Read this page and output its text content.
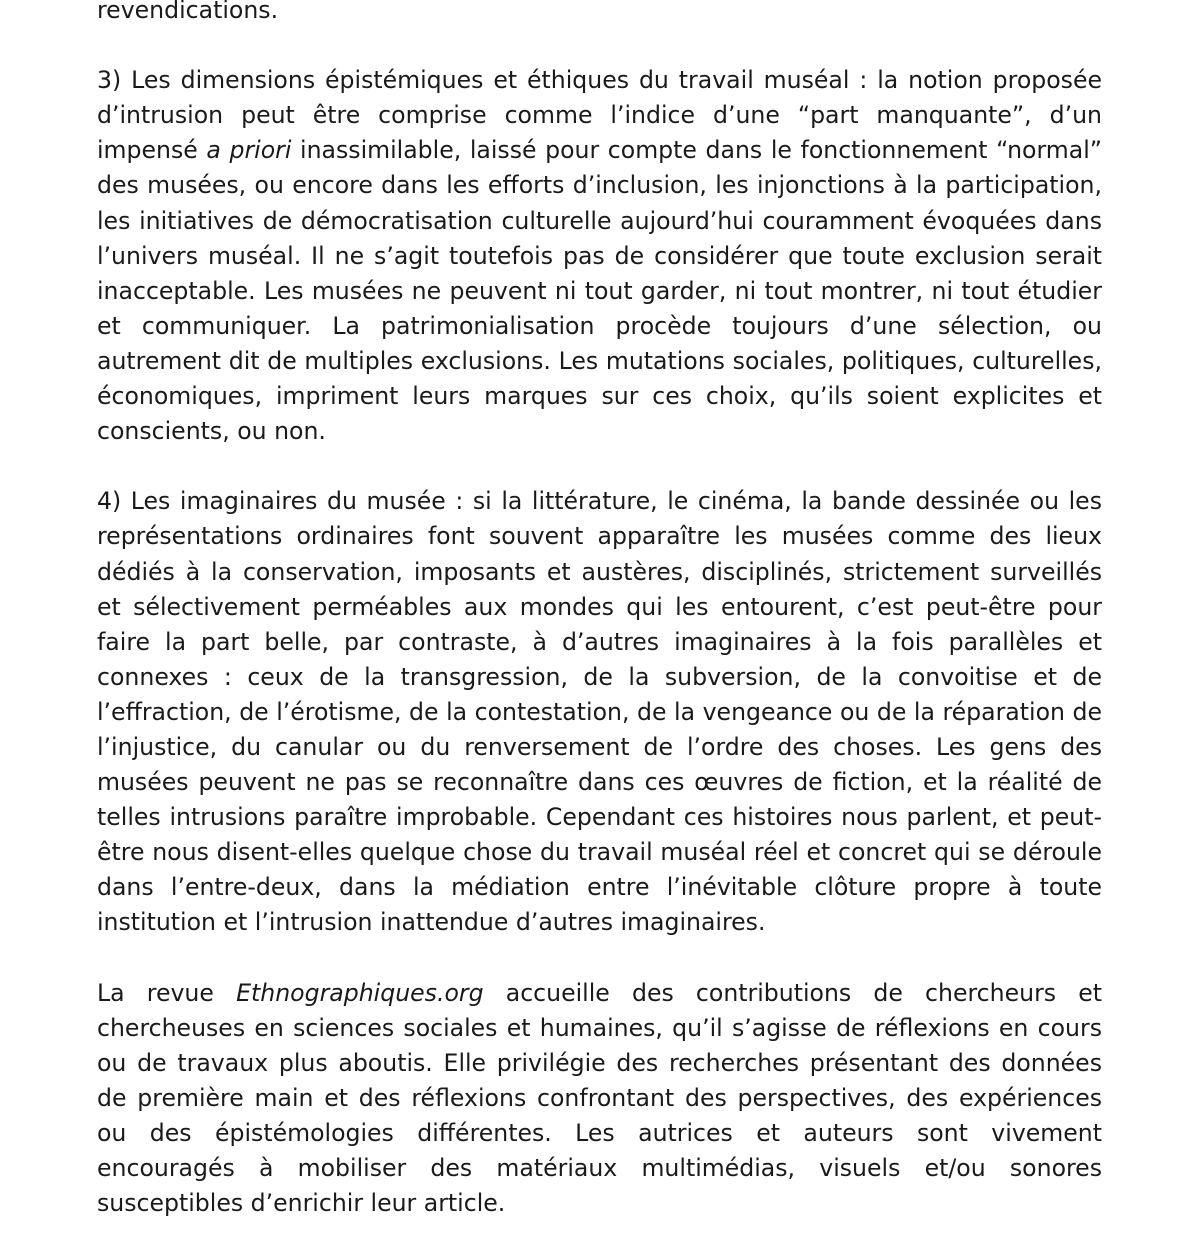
revendications.

3) Les dimensions épistémiques et éthiques du travail muséal : la notion proposée d’intrusion peut être comprise comme l’indice d’une “part manquante”, d’un impensé a priori inassimilable, laissé pour compte dans le fonctionnement “normal” des musées, ou encore dans les efforts d’inclusion, les injonctions à la participation, les initiatives de démocratisation culturelle aujourd’hui couramment évoquées dans l’univers muséal. Il ne s’agit toutefois pas de considérer que toute exclusion serait inacceptable. Les musées ne peuvent ni tout garder, ni tout montrer, ni tout étudier et communiquer. La patrimonialisation procède toujours d’une sélection, ou autrement dit de multiples exclusions. Les mutations sociales, politiques, culturelles, économiques, impriment leurs marques sur ces choix, qu’ils soient explicites et conscients, ou non.

4) Les imaginaires du musée : si la littérature, le cinéma, la bande dessinée ou les représentations ordinaires font souvent apparaître les musées comme des lieux dédiés à la conservation, imposants et austères, disciplinés, strictement surveillés et sélectivement perméables aux mondes qui les entourent, c’est peut-être pour faire la part belle, par contraste, à d’autres imaginaires à la fois parallèles et connexes : ceux de la transgression, de la subversion, de la convoitise et de l’effraction, de l’érotisme, de la contestation, de la vengeance ou de la réparation de l’injustice, du canular ou du renversement de l’ordre des choses. Les gens des musées peuvent ne pas se reconnaître dans ces œuvres de fiction, et la réalité de telles intrusions paraître improbable. Cependant ces histoires nous parlent, et peut-être nous disent-elles quelque chose du travail muséal réel et concret qui se déroule dans l’entre-deux, dans la médiation entre l’inévitable clôture propre à toute institution et l’intrusion inattendue d’autres imaginaires.

La revue Ethnographiques.org accueille des contributions de chercheurs et chercheuses en sciences sociales et humaines, qu’il s’agisse de réflexions en cours ou de travaux plus aboutis. Elle privilégie des recherches présentant des données de première main et des réflexions confrontant des perspectives, des expériences ou des épistémologies différentes. Les autrices et auteurs sont vivement encouragés à mobiliser des matériaux multimédias, visuels et/ou sonores susceptibles d’enrichir leur article.
